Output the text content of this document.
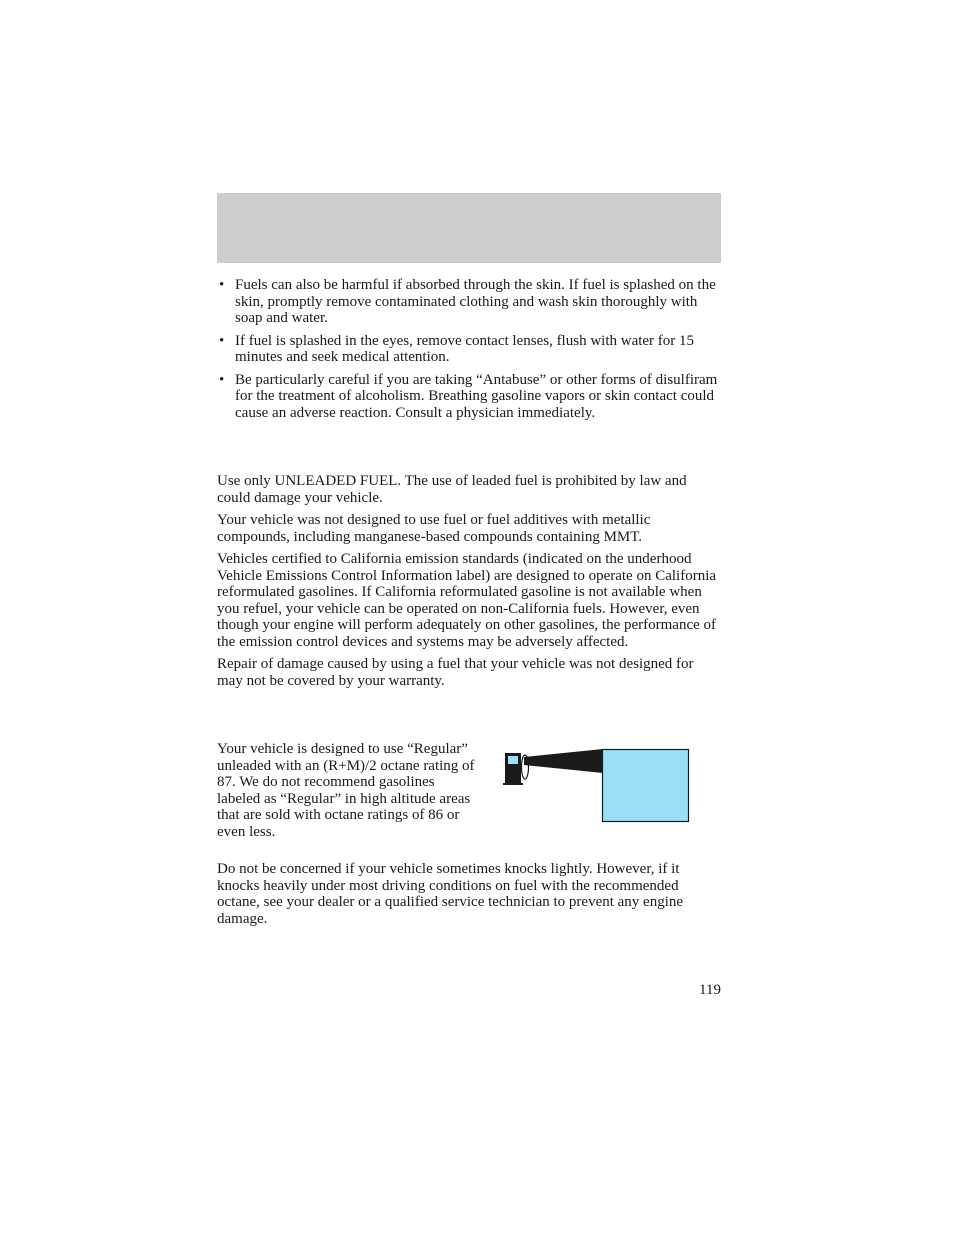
• Fuels can also be harmful if absorbed through the skin. If fuel is splashed on the skin, promptly remove contaminated clothing and wash skin thoroughly with soap and water.
• If fuel is splashed in the eyes, remove contact lenses, flush with water for 15 minutes and seek medical attention.
• Be particularly careful if you are taking “Antabuse” or other forms of disulfiram for the treatment of alcoholism. Breathing gasoline vapors or skin contact could cause an adverse reaction. Consult a physician immediately.

Use only UNLEADED FUEL. The use of leaded fuel is prohibited by law and could damage your vehicle.

Your vehicle was not designed to use fuel or fuel additives with metallic compounds, including manganese-based compounds containing MMT.

Vehicles certified to California emission standards (indicated on the underhood Vehicle Emissions Control Information label) are designed to operate on California reformulated gasolines. If California reformulated gasoline is not available when you refuel, your vehicle can be operated on non-California fuels. However, even though your engine will perform adequately on other gasolines, the performance of the emission control devices and systems may be adversely affected.

Repair of damage caused by using a fuel that your vehicle was not designed for may not be covered by your warranty.

Your vehicle is designed to use “Regular” unleaded with an (R+M)/2 octane rating of 87. We do not recommend gasolines labeled as “Regular” in high altitude areas that are sold with octane ratings of 86 or even less.

Do not be concerned if your vehicle sometimes knocks lightly. However, if it knocks heavily under most driving conditions on fuel with the recommended octane, see your dealer or a qualified service technician to prevent any engine damage.

119
